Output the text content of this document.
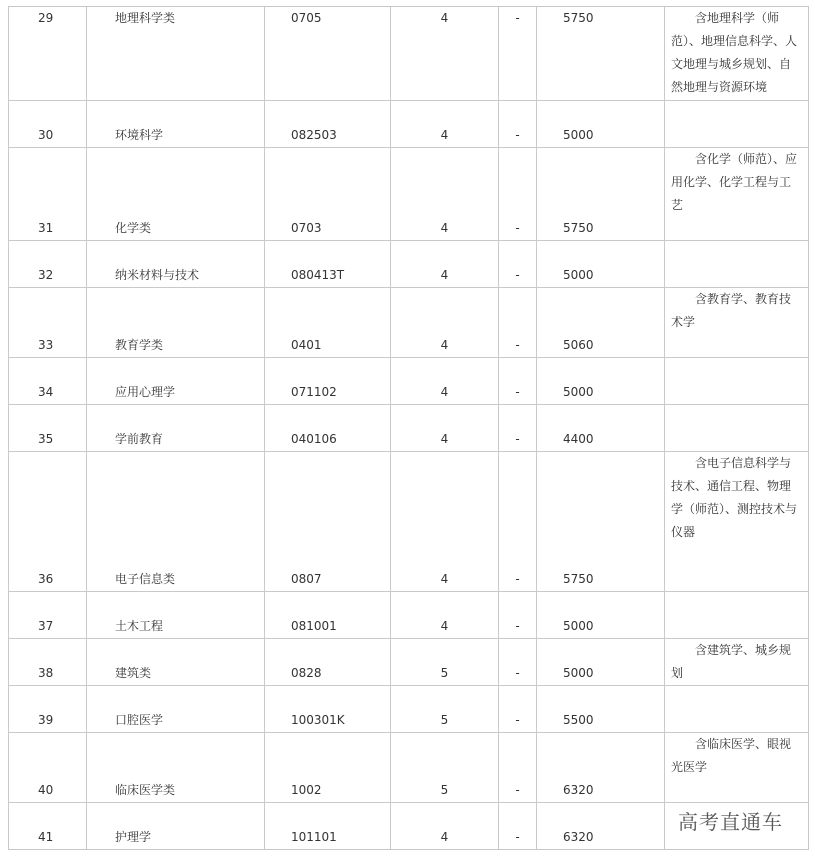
29	地理科学类	0705	4	-	5750	含地理科学（师范）、地理信息科学、人文地理与城乡规划、自然地理与资源环境

30	环境科学	082503	4	-	5000	

31	化学类	0703	4	-	5750	含化学（师范）、应用化学、化学工程与工艺

32	纳米材料与技术	080413T	4	-	5000	

33	教育学类	0401	4	-	5060	含教育学、教育技术学

34	应用心理学	071102	4	-	5000	

35	学前教育	040106	4	-	4400	

36	电子信息类	0807	4	-	5750	含电子信息科学与技术、通信工程、物理学（师范）、测控技术与仪器

37	土木工程	081001	4	-	5000	

38	建筑类	0828	5	-	5000	含建筑学、城乡规划

39	口腔医学	100301K	5	-	5500	

40	临床医学类	1002	5	-	6320	含临床医学、眼视光医学

41	护理学	101101	4	-	6320	
高考直通车
